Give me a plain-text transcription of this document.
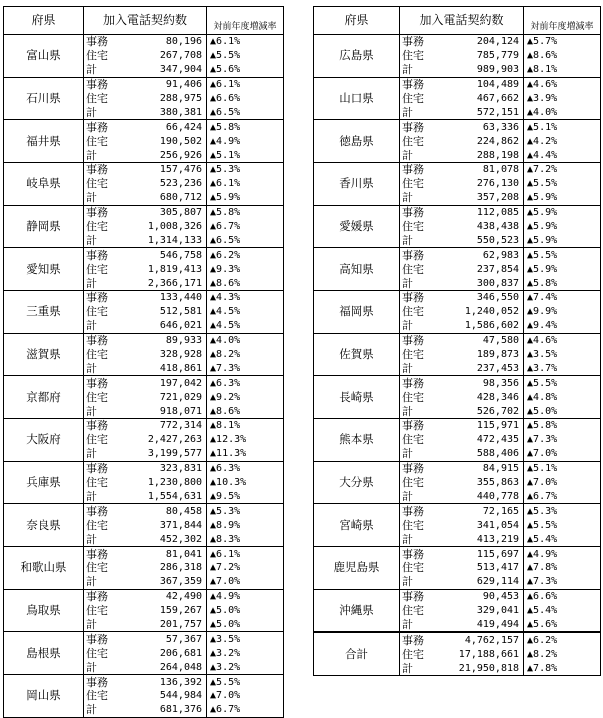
府県	加入電話契約数		対前年度増減率
富山県	事務	80,196	▲6.1%
	住宅	267,708	▲5.5%
	計	347,904	▲5.6%
石川県	事務	91,406	▲6.1%
	住宅	288,975	▲6.6%
	計	380,381	▲6.5%
福井県	事務	66,424	▲5.8%
	住宅	190,502	▲4.9%
	計	256,926	▲5.1%
岐阜県	事務	157,476	▲5.3%
	住宅	523,236	▲6.1%
	計	680,712	▲5.9%
静岡県	事務	305,807	▲5.8%
	住宅	1,008,326	▲6.7%
	計	1,314,133	▲6.5%
愛知県	事務	546,758	▲6.2%
	住宅	1,819,413	▲9.3%
	計	2,366,171	▲8.6%
三重県	事務	133,440	▲4.3%
	住宅	512,581	▲4.5%
	計	646,021	▲4.5%
滋賀県	事務	89,933	▲4.0%
	住宅	328,928	▲8.2%
	計	418,861	▲7.3%
京都府	事務	197,042	▲6.3%
	住宅	721,029	▲9.2%
	計	918,071	▲8.6%
大阪府	事務	772,314	▲8.1%
	住宅	2,427,263	▲12.3%
	計	3,199,577	▲11.3%
兵庫県	事務	323,831	▲6.3%
	住宅	1,230,800	▲10.3%
	計	1,554,631	▲9.5%
奈良県	事務	80,458	▲5.3%
	住宅	371,844	▲8.9%
	計	452,302	▲8.3%
和歌山県	事務	81,041	▲6.1%
	住宅	286,318	▲7.2%
	計	367,359	▲7.0%
鳥取県	事務	42,490	▲4.9%
	住宅	159,267	▲5.0%
	計	201,757	▲5.0%
島根県	事務	57,367	▲3.5%
	住宅	206,681	▲3.2%
	計	264,048	▲3.2%
岡山県	事務	136,392	▲5.5%
	住宅	544,984	▲7.0%
	計	681,376	▲6.7%
府県	加入電話契約数		対前年度増減率
広島県	事務	204,124	▲5.7%
	住宅	785,779	▲8.6%
	計	989,903	▲8.1%
山口県	事務	104,489	▲4.6%
	住宅	467,662	▲3.9%
	計	572,151	▲4.0%
徳島県	事務	63,336	▲5.1%
	住宅	224,862	▲4.2%
	計	288,198	▲4.4%
香川県	事務	81,078	▲7.2%
	住宅	276,130	▲5.5%
	計	357,208	▲5.9%
愛媛県	事務	112,085	▲5.9%
	住宅	438,438	▲5.9%
	計	550,523	▲5.9%
高知県	事務	62,983	▲5.5%
	住宅	237,854	▲5.9%
	計	300,837	▲5.8%
福岡県	事務	346,550	▲7.4%
	住宅	1,240,052	▲9.9%
	計	1,586,602	▲9.4%
佐賀県	事務	47,580	▲4.6%
	住宅	189,873	▲3.5%
	計	237,453	▲3.7%
長崎県	事務	98,356	▲5.5%
	住宅	428,346	▲4.8%
	計	526,702	▲5.0%
熊本県	事務	115,971	▲5.8%
	住宅	472,435	▲7.3%
	計	588,406	▲7.0%
大分県	事務	84,915	▲5.1%
	住宅	355,863	▲7.0%
	計	440,778	▲6.7%
宮崎県	事務	72,165	▲5.3%
	住宅	341,054	▲5.5%
	計	413,219	▲5.4%
鹿児島県	事務	115,697	▲4.9%
	住宅	513,417	▲7.8%
	計	629,114	▲7.3%
沖縄県	事務	90,453	▲6.6%
	住宅	329,041	▲5.4%
	計	419,494	▲5.6%
合計	事務	4,762,157	▲6.2%
	住宅	17,188,661	▲8.2%
	計	21,950,818	▲7.8%
